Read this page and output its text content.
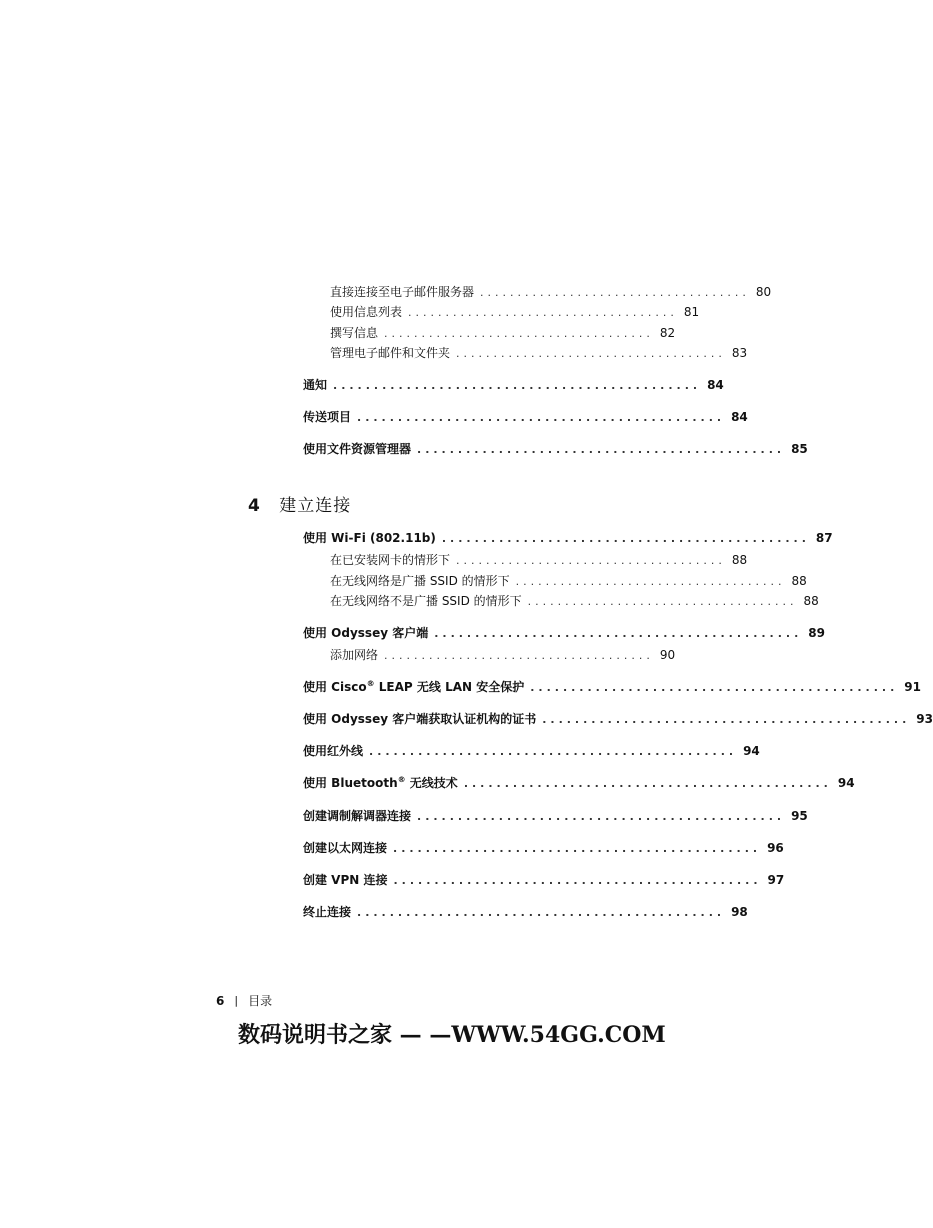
直接连接至电子邮件服务器 .................................... 80
使用信息列表 .................................... 81
撰写信息 .................................... 82
管理电子邮件和文件夹 .................................... 83
通知 ............................................. 84
传送项目 ............................................. 84
使用文件资源管理器 ............................................. 85
4 建立连接
使用 Wi-Fi (802.11b) ............................................. 87
在已安装网卡的情形下 .................................... 88
在无线网络是广播 SSID 的情形下 .................................... 88
在无线网络不是广播 SSID 的情形下 .................................... 88
使用 Odyssey 客户端 ............................................. 89
添加网络 .................................... 90
使用 Cisco® LEAP 无线 LAN 安全保护 ............................................. 91
使用 Odyssey 客户端获取认证机构的证书 ............................................. 93
使用红外线 ............................................. 94
使用 Bluetooth® 无线技术 ............................................. 94
创建调制解调器连接 ............................................. 95
创建以太网连接 ............................................. 96
创建 VPN 连接 ............................................. 97
终止连接 ............................................. 98
6 | 目录
数码说明书之家 — —WWW.54GG.COM
